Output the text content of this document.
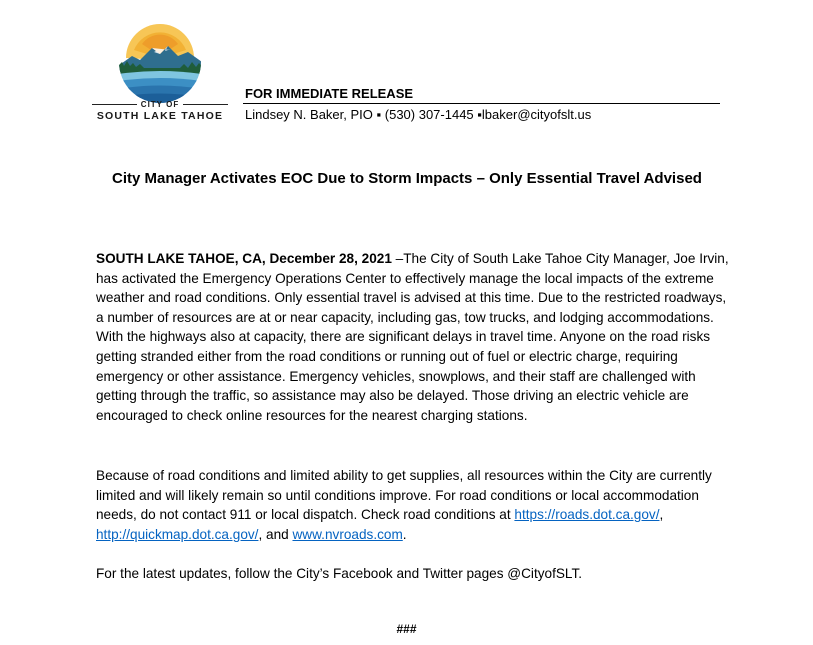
CITY OF
SOUTH LAKE TAHOE
FOR IMMEDIATE RELEASE
Lindsey N. Baker, PIO ▪ (530) 307-1445 ▪lbaker@cityofslt.us
City Manager Activates EOC Due to Storm Impacts – Only Essential Travel Advised
SOUTH LAKE TAHOE, CA, December 28, 2021 –The City of South Lake Tahoe City Manager, Joe Irvin, has activated the Emergency Operations Center to effectively manage the local impacts of the extreme weather and road conditions. Only essential travel is advised at this time. Due to the restricted roadways, a number of resources are at or near capacity, including gas, tow trucks, and lodging accommodations. With the highways also at capacity, there are significant delays in travel time. Anyone on the road risks getting stranded either from the road conditions or running out of fuel or electric charge, requiring emergency or other assistance. Emergency vehicles, snowplows, and their staff are challenged with getting through the traffic, so assistance may also be delayed. Those driving an electric vehicle are encouraged to check online resources for the nearest charging stations.
Because of road conditions and limited ability to get supplies, all resources within the City are currently limited and will likely remain so until conditions improve. For road conditions or local accommodation needs, do not contact 911 or local dispatch. Check road conditions at https://roads.dot.ca.gov/, http://quickmap.dot.ca.gov/, and www.nvroads.com.
For the latest updates, follow the City’s Facebook and Twitter pages @CityofSLT.
###
